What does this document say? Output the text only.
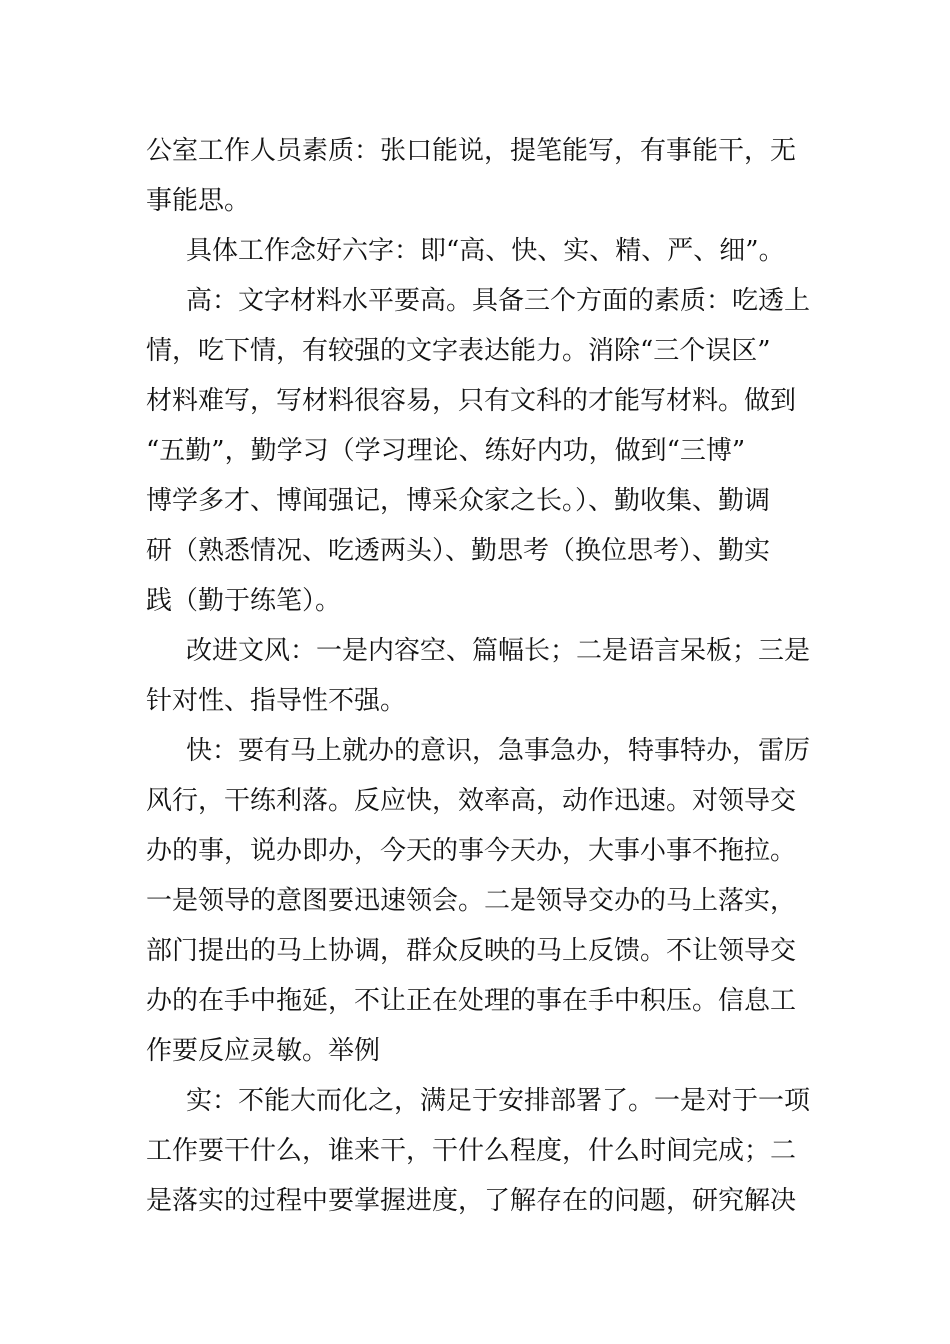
公室工作人员素质：张口能说，提笔能写，有事能干，无
事能思。
具体工作念好六字：即“高、快、实、精、严、细”。
高：文字材料水平要高。具备三个方面的素质：吃透上
情，吃下情，有较强的文字表达能力。消除“三个误区”
材料难写，写材料很容易，只有文科的才能写材料。做到
“五勤”，勤学习（学习理论、练好内功，做到“三博”
博学多才、博闻强记，博采众家之长。）、勤收集、勤调
研（熟悉情况、吃透两头）、勤思考（换位思考）、勤实
践（勤于练笔）。
改进文风：一是内容空、篇幅长；二是语言呆板；三是
针对性、指导性不强。
快：要有马上就办的意识，急事急办，特事特办，雷厉
风行，干练利落。反应快，效率高，动作迅速。对领导交
办的事，说办即办，今天的事今天办，大事小事不拖拉。
一是领导的意图要迅速领会。二是领导交办的马上落实，
部门提出的马上协调，群众反映的马上反馈。不让领导交
办的在手中拖延，不让正在处理的事在手中积压。信息工
作要反应灵敏。举例
实：不能大而化之，满足于安排部署了。一是对于一项
工作要干什么，谁来干，干什么程度，什么时间完成；二
是落实的过程中要掌握进度，了解存在的问题，研究解决
